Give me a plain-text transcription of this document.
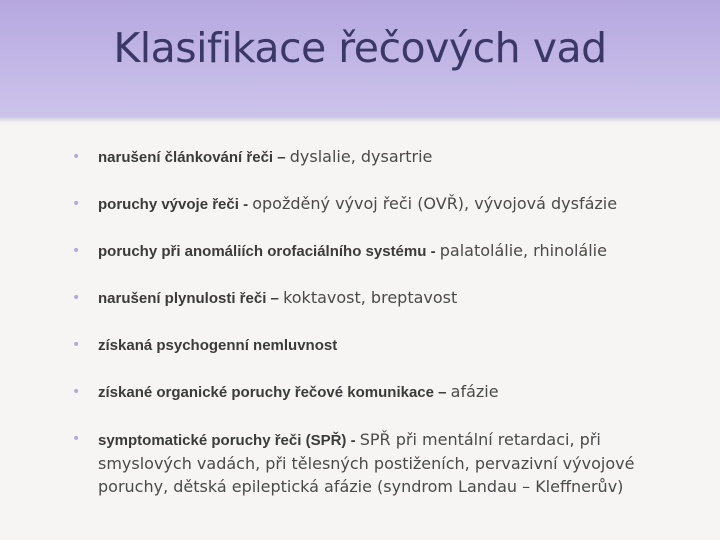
Klasifikace řečových vad
• narušení článkování řeči – dyslalie, dysartrie
• poruchy vývoje řeči - opožděný vývoj řeči (OVŘ), vývojová dysfázie
• poruchy při anomáliích orofaciálního systému - palatolálie, rhinolálie
• narušení plynulosti řeči – koktavost, breptavost
• získaná psychogenní nemluvnost
• získané organické poruchy řečové komunikace – afázie
• symptomatické poruchy řeči (SPŘ) - SPŘ při mentální retardaci, při smyslových vadách, při tělesných postiženích, pervazivní vývojové poruchy, dětská epileptická afázie (syndrom Landau – Kleffnerův)
